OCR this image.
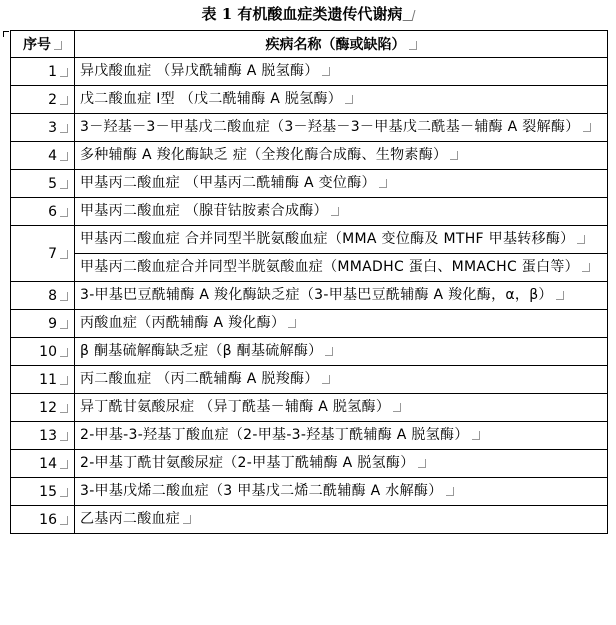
表 1 有机酸血症类遗传代谢病
序号	疾病名称（酶或缺陷）
1	异戊酸血症 （异戊酰辅酶 A 脱氢酶）
2	戊二酸血症 Ⅰ型 （戊二酰辅酶 A 脱氢酶）
3	3－羟基－3－甲基戊二酸血症（3－羟基－3－甲基戊二酰基－辅酶 A 裂解酶）
4	多种辅酶 A 羧化酶缺乏 症（全羧化酶合成酶、生物素酶）
5	甲基丙二酸血症 （甲基丙二酰辅酶 A 变位酶）
6	甲基丙二酸血症 （腺苷钴胺素合成酶）
7	甲基丙二酸血症 合并同型半胱氨酸血症（MMA 变位酶及 MTHF 甲基转移酶）
	甲基丙二酸血症合并同型半胱氨酸血症（MMADHC 蛋白、MMACHC 蛋白等）
8	3-甲基巴豆酰辅酶 A 羧化酶缺乏症（3-甲基巴豆酰辅酶 A 羧化酶，α，β）
9	丙酸血症（丙酰辅酶 A 羧化酶）
10	β 酮基硫解酶缺乏症（β 酮基硫解酶）
11	丙二酸血症 （丙二酰辅酶 A 脱羧酶）
12	异丁酰甘氨酸尿症 （异丁酰基－辅酶 A 脱氢酶）
13	2-甲基-3-羟基丁酸血症（2-甲基-3-羟基丁酰辅酶 A 脱氢酶）
14	2-甲基丁酰甘氨酸尿症（2-甲基丁酰辅酶 A 脱氢酶）
15	3-甲基戊烯二酸血症（3 甲基戊二烯二酰辅酶 A 水解酶）
16	乙基丙二酸血症
